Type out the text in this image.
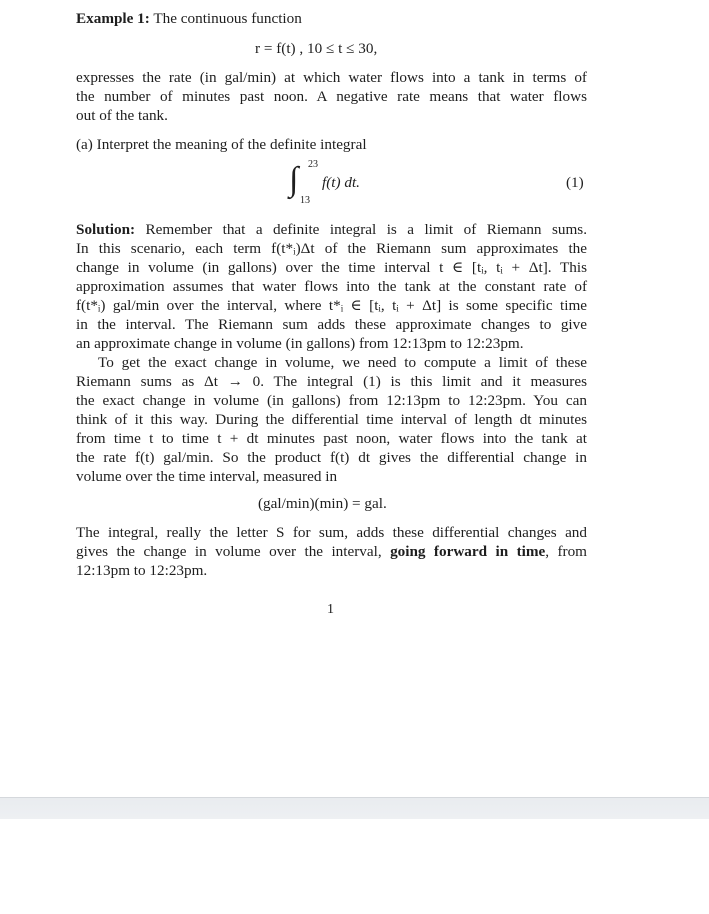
Example 1: The continuous function
r = f(t) , 10 ≤ t ≤ 30,
expresses the rate (in gal/min) at which water flows into a tank in terms of
the number of minutes past noon. A negative rate means that water flows
out of the tank.
(a) Interpret the meaning of the definite integral
∫ 23
13
f(t) dt.	(1)
Solution: Remember that a definite integral is a limit of Riemann sums.
In this scenario, each term f(t*ᵢ)Δt of the Riemann sum approximates the
change in volume (in gallons) over the time interval t ∈ [tᵢ, tᵢ + Δt]. This
approximation assumes that water flows into the tank at the constant rate of
f(t*ᵢ) gal/min over the interval, where t*ᵢ ∈ [tᵢ, tᵢ + Δt] is some specific time
in the interval. The Riemann sum adds these approximate changes to give
an approximate change in volume (in gallons) from 12:13pm to 12:23pm.
To get the exact change in volume, we need to compute a limit of these
Riemann sums as Δt → 0. The integral (1) is this limit and it measures
the exact change in volume (in gallons) from 12:13pm to 12:23pm. You can
think of it this way. During the differential time interval of length dt minutes
from time t to time t + dt minutes past noon, water flows into the tank at
the rate f(t) gal/min. So the product f(t) dt gives the differential change in
volume over the time interval, measured in
(gal/min)(min) = gal.
The integral, really the letter S for sum, adds these differential changes and
gives the change in volume over the interval, going forward in time, from
12:13pm to 12:23pm.
1
